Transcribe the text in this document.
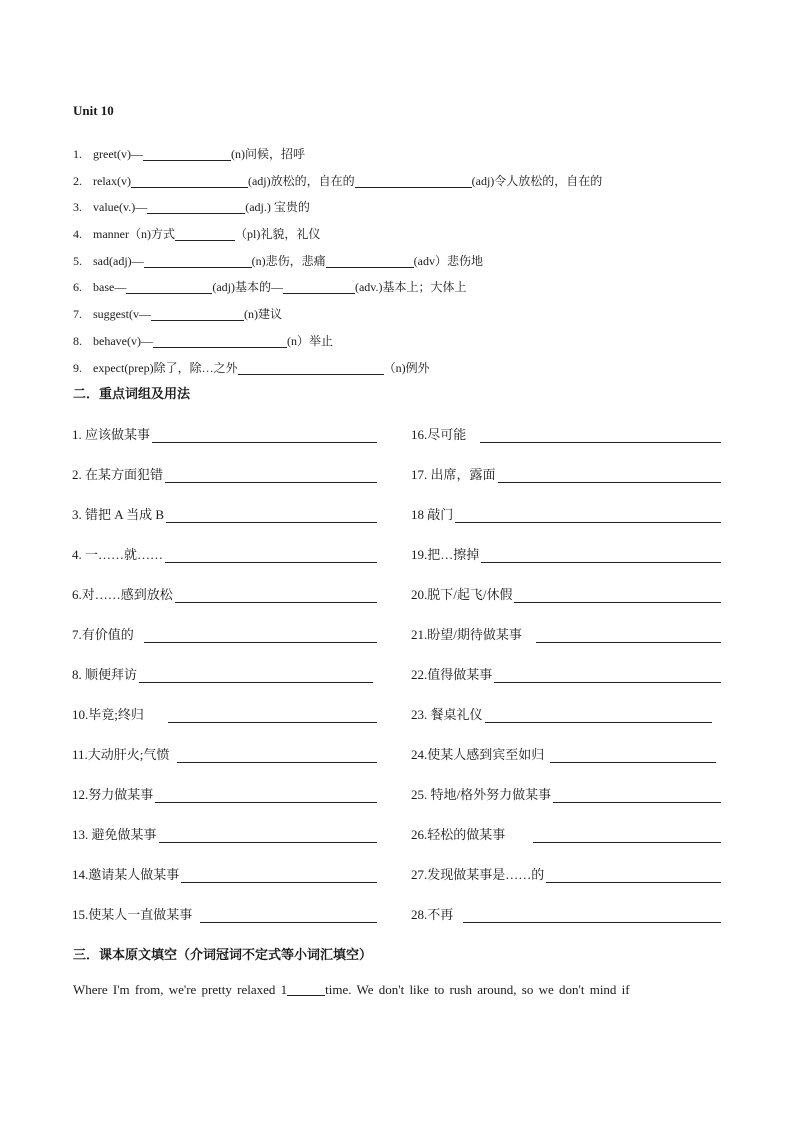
Unit 10
1. greet(v)—	(n)问候，招呼
2. relax(v)	(adj)放松的，自在的	(adj)令人放松的，自在的
3. value(v.)—	(adj.) 宝贵的
4. manner（n)方式	（pl)礼貌，礼仪
5. sad(adj)—	(n)悲伤，悲痛	(adv）悲伤地
6. base—	(adj)基本的—	(adv.)基本上；大体上
7. suggest(v—	(n)建议
8. behave(v)—	(n）举止
9. expect(prep)除了，除…之外	（n)例外
二．重点词组及用法
1. 应该做某事	16.尽可能
2. 在某方面犯错	17. 出席，露面
3. 错把 A 当成 B	18 敲门
4. 一……就……	19.把…擦掉
6.对……感到放松	20.脱下/起飞/休假
7.有价值的	21.盼望/期待做某事
8. 顺便拜访	22.值得做某事
10.毕竟;终归	23. 餐桌礼仪
11.大动肝火;气愤	24.使某人感到宾至如归
12.努力做某事	25. 特地/格外努力做某事
13. 避免做某事	26.轻松的做某事
14.邀请某人做某事	27.发现做某事是……的
15.使某人一直做某事	28.不再
三．课本原文填空（介词冠词不定式等小词汇填空）
Where I'm from, we're pretty relaxed 1	time. We don't like to rush around, so we don't mind if
